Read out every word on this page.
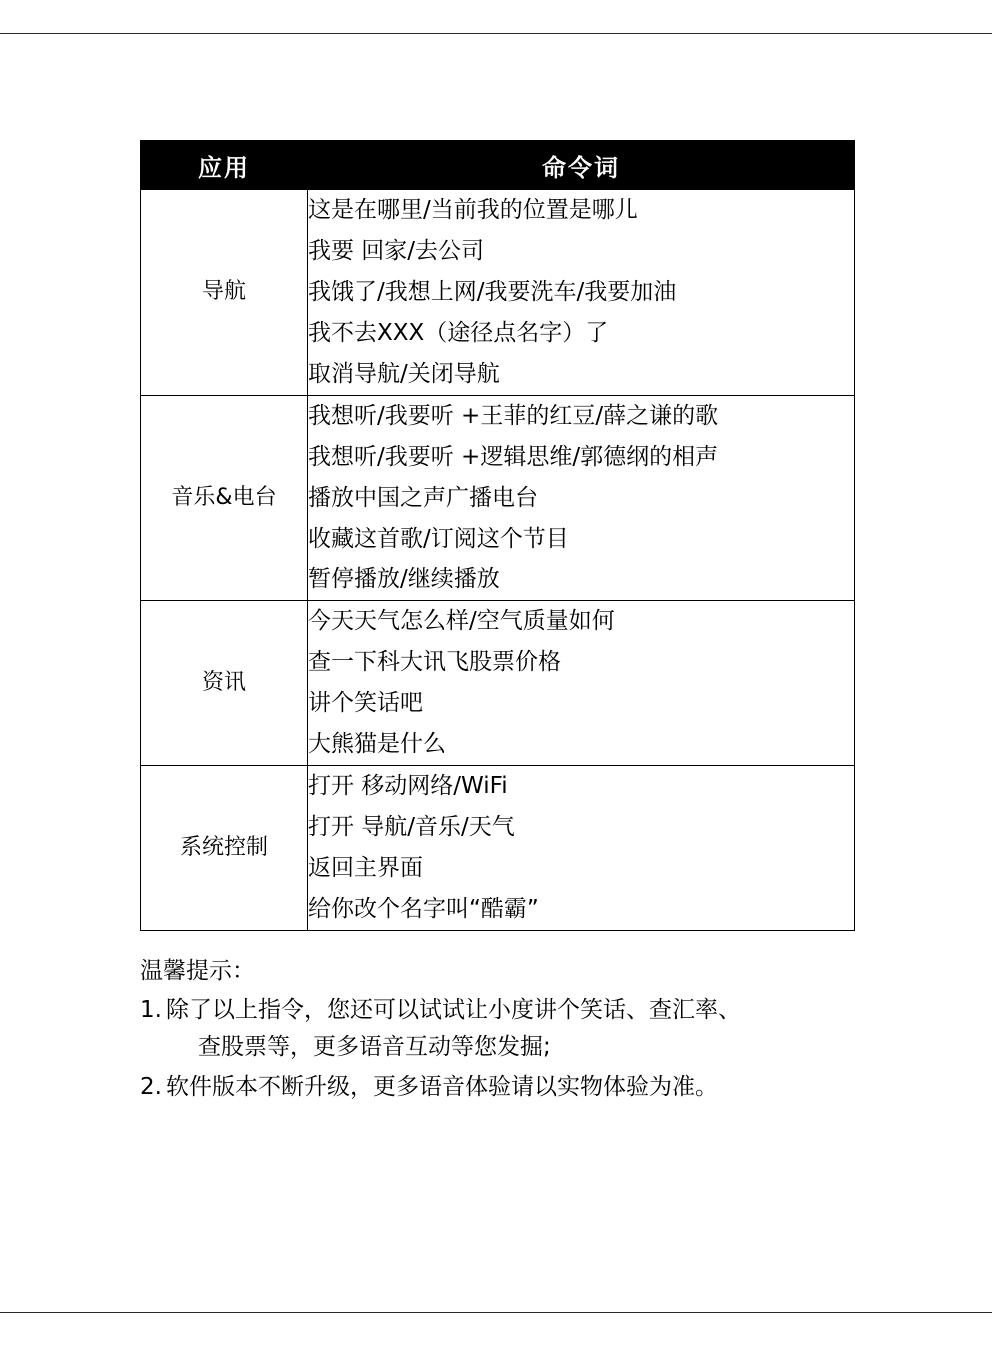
应用	命令词
导航	这是在哪里/当前我的位置是哪儿
我要 回家/去公司
我饿了/我想上网/我要洗车/我要加油
我不去XXX（途径点名字）了
取消导航/关闭导航

音乐&电台	我想听/我要听 +王菲的红豆/薛之谦的歌
我想听/我要听 +逻辑思维/郭德纲的相声
播放中国之声广播电台
收藏这首歌/订阅这个节目
暂停播放/继续播放

资讯	今天天气怎么样/空气质量如何
查一下科大讯飞股票价格
讲个笑话吧
大熊猫是什么

系统控制	打开 移动网络/WiFi
打开 导航/音乐/天气
返回主界面
给你改个名字叫“酷霸”
温馨提示：
1. 除了以上指令，您还可以试试让小度讲个笑话、查汇率、
查股票等，更多语音互动等您发掘;
2. 软件版本不断升级，更多语音体验请以实物体验为准。
